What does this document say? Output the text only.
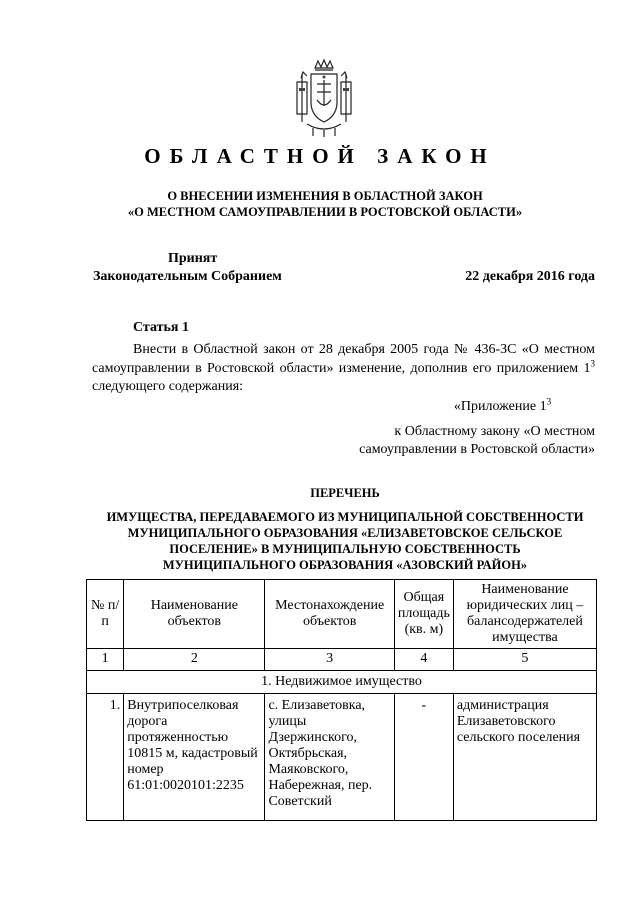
ОБЛАСТНОЙ ЗАКОН
О ВНЕСЕНИИ ИЗМЕНЕНИЯ В ОБЛАСТНОЙ ЗАКОН
«О МЕСТНОМ САМОУПРАВЛЕНИИ В РОСТОВСКОЙ ОБЛАСТИ»
Принят
Законодательным Собранием	22 декабря 2016 года
Статья 1
Внести в Областной закон от 28 декабря 2005 года № 436-ЗС «О местном самоуправлении в Ростовской области» изменение, дополнив его приложением $1^3$ следующего содержания:
«Приложение $1^3$
к Областному закону «О местном
самоуправлении в Ростовской области»
ПЕРЕЧЕНЬ
ИМУЩЕСТВА, ПЕРЕДАВАЕМОГО ИЗ МУНИЦИПАЛЬНОЙ СОБСТВЕННОСТИ
МУНИЦИПАЛЬНОГО ОБРАЗОВАНИЯ «ЕЛИЗАВЕТОВСКОЕ СЕЛЬСКОЕ
ПОСЕЛЕНИЕ» В МУНИЦИПАЛЬНУЮ СОБСТВЕННОСТЬ
МУНИЦИПАЛЬНОГО ОБРАЗОВАНИЯ «АЗОВСКИЙ РАЙОН»
№ п/п	Наименование объектов	Местонахождение объектов	Общая площадь (кв. м)	Наименование юридических лиц – балансодержателей имущества
1	2	3	4	5
1. Недвижимое имущество				
1.	Внутрипоселковая дорога протяженностью 10815 м, кадастровый номер 61:01:0020101:2235	с. Елизаветовка, улицы Дзержинского, Октябрьская, Маяковского, Набережная, пер. Советский	-	администрация Елизаветовского сельского поселения
